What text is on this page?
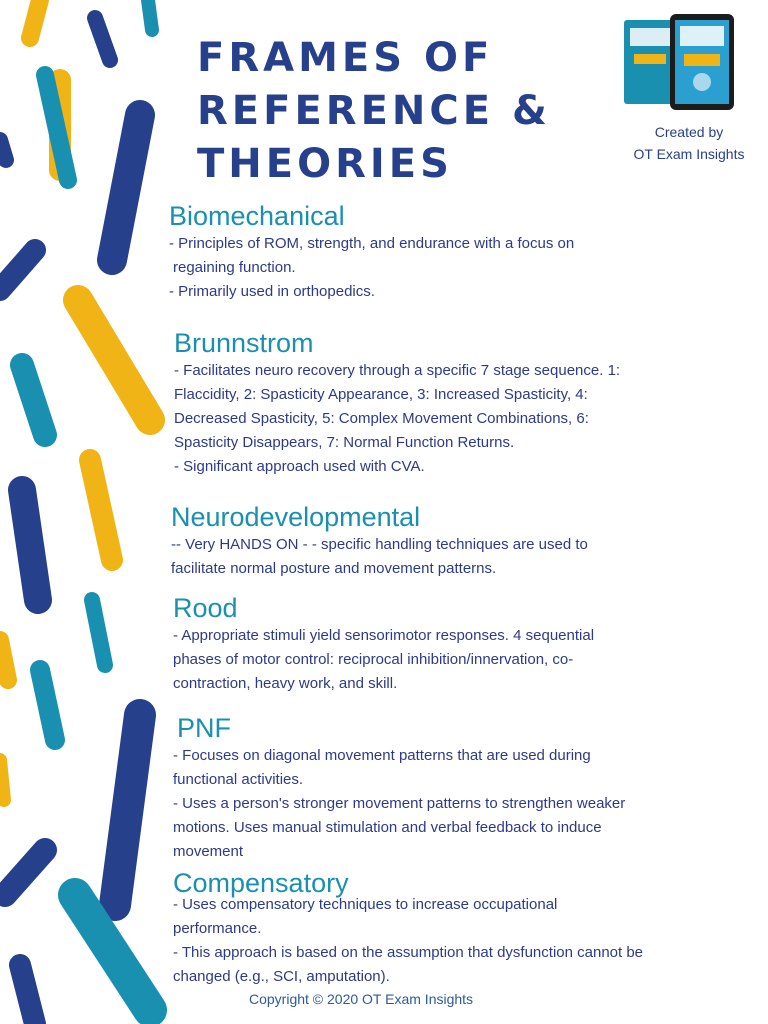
FRAMES OF
REFERENCE &
THEORIES
Created by
OT Exam Insights
Biomechanical

- Principles of ROM, strength, and endurance with a focus on
regaining function.
- Primarily used in orthopedics.

Brunnstrom

- Facilitates neuro recovery through a specific 7 stage sequence. 1:
Flaccidity, 2: Spasticity Appearance, 3: Increased Spasticity, 4:
Decreased Spasticity, 5: Complex Movement Combinations, 6:
Spasticity Disappears, 7: Normal Function Returns.
- Significant approach used with CVA.

Neurodevelopmental

-- Very HANDS ON - - specific handling techniques are used to
facilitate normal posture and movement patterns.

Rood

- Appropriate stimuli yield sensorimotor responses. 4 sequential
phases of motor control: reciprocal inhibition/innervation, co-
contraction, heavy work, and skill.

PNF

- Focuses on diagonal movement patterns that are used during
functional activities.
- Uses a person's stronger movement patterns to strengthen weaker
motions. Uses manual stimulation and verbal feedback to induce
movement

Compensatory

- Uses compensatory techniques to increase occupational
performance.
- This approach is based on the assumption that dysfunction cannot be
changed (e.g., SCI, amputation).

Copyright © 2020 OT Exam Insights
